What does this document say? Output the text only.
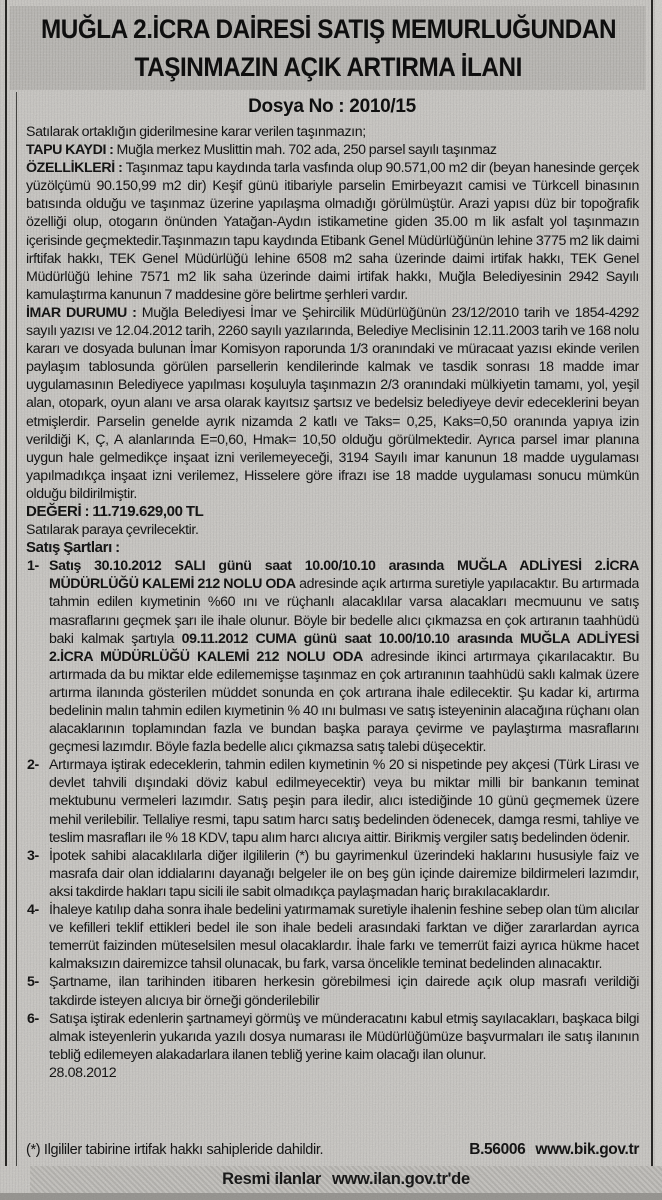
MUĞLA 2.İCRA DAİRESİ SATIŞ MEMURLUĞUNDAN
TAŞINMAZIN AÇIK ARTIRMA İLANI
Dosya No : 2010/15

Satılarak ortaklığın giderilmesine karar verilen taşınmazın;

TAPU KAYDI : Muğla merkez Muslittin mah. 702 ada, 250 parsel sayılı taşınmaz

ÖZELLİKLERİ : Taşınmaz tapu kaydında tarla vasfında olup 90.571,00 m2 dir (beyan hanesinde gerçek yüzölçümü 90.150,99 m2 dir) Keşif günü itibariyle parselin Emirbeyazıt camisi ve Türkcell binasının batısında olduğu ve taşınmaz üzerine yapılaşma olmadığı görülmüştür. Arazi yapısı düz bir topoğrafik özelliği olup, otogarın önünden Yatağan-Aydın istikametine giden 35.00 m lik asfalt yol taşınmazın içerisinde geçmektedir.Taşınmazın tapu kaydında Etibank Genel Müdürlüğünün lehine 3775 m2 lik daimi irftifak hakkı, TEK Genel Müdürlüğü lehine 6508 m2 saha üzerinde daimi irtifak hakkı, TEK Genel Müdürlüğü lehine 7571 m2 lik saha üzerinde daimi irtifak hakkı, Muğla Belediyesinin 2942 Sayılı kamulaştırma kanunun 7 maddesine göre belirtme şerhleri vardır.

İMAR DURUMU : Muğla Belediyesi İmar ve Şehircilik Müdürlüğünün 23/12/2010 tarih ve 1854-4292 sayılı yazısı ve 12.04.2012 tarih, 2260 sayılı yazılarında, Belediye Meclisinin 12.11.2003 tarih ve 168 nolu kararı ve dosyada bulunan İmar Komisyon raporunda 1/3 oranındaki ve müracaat yazısı ekinde verilen paylaşım tablosunda görülen parsellerin kendilerinde kalmak ve tasdik sonrası 18 madde imar uygulamasının Belediyece yapılması koşuluyla taşınmazın 2/3 oranındaki mülkiyetin tamamı, yol, yeşil alan, otopark, oyun alanı ve arsa olarak kayıtsız şartsız ve bedelsiz belediyeye devir edeceklerini beyan etmişlerdir. Parselin genelde ayrık nizamda 2 katlı ve Taks= 0,25, Kaks=0,50 oranında yapıya izin verildiği K, Ç, A alanlarında E=0,60, Hmak= 10,50 olduğu görülmektedir. Ayrıca parsel imar planına uygun hale gelmedikçe inşaat izni verilemeyeceği, 3194 Sayılı imar kanunun 18 madde uygulaması yapılmadıkça inşaat izni verilemez, Hisselere göre ifrazı ise 18 madde uygulaması sonucu mümkün olduğu bildirilmiştir.

DEĞERİ : 11.719.629,00 TL

Satılarak paraya çevrilecektir.

Satış Şartları :

1- Satış 30.10.2012 SALI günü saat 10.00/10.10 arasında MUĞLA ADLİYESİ 2.İCRA MÜDÜRLÜĞÜ KALEMİ 212 NOLU ODA adresinde açık artırma suretiyle yapılacaktır. Bu artırmada tahmin edilen kıymetinin %60 ını ve rüçhanlı alacaklılar varsa alacakları mecmuunu ve satış masraflarını geçmek şarı ile ihale olunur. Böyle bir bedelle alıcı çıkmazsa en çok artıranın taahhüdü baki kalmak şartıyla 09.11.2012 CUMA günü saat 10.00/10.10 arasında MUĞLA ADLİYESİ 2.İCRA MÜDÜRLÜĞÜ KALEMİ 212 NOLU ODA adresinde ikinci artırmaya çıkarılacaktır. Bu artırmada da bu miktar elde edilememişse taşınmaz en çok artıranının taahhüdü saklı kalmak üzere artırma ilanında gösterilen müddet sonunda en çok artırana ihale edilecektir. Şu kadar ki, artırma bedelinin malın tahmin edilen kıymetinin % 40 ını bulması ve satış isteyeninin alacağına rüçhanı olan alacaklarının toplamından fazla ve bundan başka paraya çevirme ve paylaştırma masraflarını geçmesi lazımdır. Böyle fazla bedelle alıcı çıkmazsa satış talebi düşecektir.

2- Artırmaya iştirak edeceklerin, tahmin edilen kıymetinin % 20 si nispetinde pey akçesi (Türk Lirası ve devlet tahvili dışındaki döviz kabul edilmeyecektir) veya bu miktar milli bir bankanın teminat mektubunu vermeleri lazımdır. Satış peşin para iledir, alıcı istediğinde 10 günü geçmemek üzere mehil verilebilir. Tellaliye resmi, tapu satım harcı satış bedelinden ödenecek, damga resmi, tahliye ve teslim masrafları ile % 18 KDV, tapu alım harcı alıcıya aittir. Birikmiş vergiler satış bedelinden ödenir.

3- İpotek sahibi alacaklılarla diğer ilgililerin (*) bu gayrimenkul üzerindeki haklarını hususiyle faiz ve masrafa dair olan iddialarını dayanağı belgeler ile on beş gün içinde dairemize bildirmeleri lazımdır, aksi takdirde hakları tapu sicili ile sabit olmadıkça paylaşmadan hariç bırakılacaklardır.

4- İhaleye katılıp daha sonra ihale bedelini yatırmamak suretiyle ihalenin feshine sebep olan tüm alıcılar ve kefilleri teklif ettikleri bedel ile son ihale bedeli arasındaki farktan ve diğer zararlardan ayrıca temerrüt faizinden müteselsilen mesul olacaklardır. İhale farkı ve temerrüt faizi ayrıca hükme hacet kalmaksızın dairemizce tahsil olunacak, bu fark, varsa öncelikle teminat bedelinden alınacaktır.

5- Şartname, ilan tarihinden itibaren herkesin görebilmesi için dairede açık olup masrafı verildiği takdirde isteyen alıcıya bir örneği gönderilebilir

6- Satışa iştirak edenlerin şartnameyi görmüş ve münderacatını kabul etmiş sayılacakları, başkaca bilgi almak isteyenlerin yukarıda yazılı dosya numarası ile Müdürlüğümüze başvurmaları ile satış ilanının tebliğ edilemeyen alakadarlara ilanen tebliğ yerine kaim olacağı ilan olunur.

28.08.2012

(*) Ilgililer tabirine irtifak hakkı sahipleride dahildir.	B.56006 www.bik.gov.tr
Resmi ilanlar www.ilan.gov.tr'de
